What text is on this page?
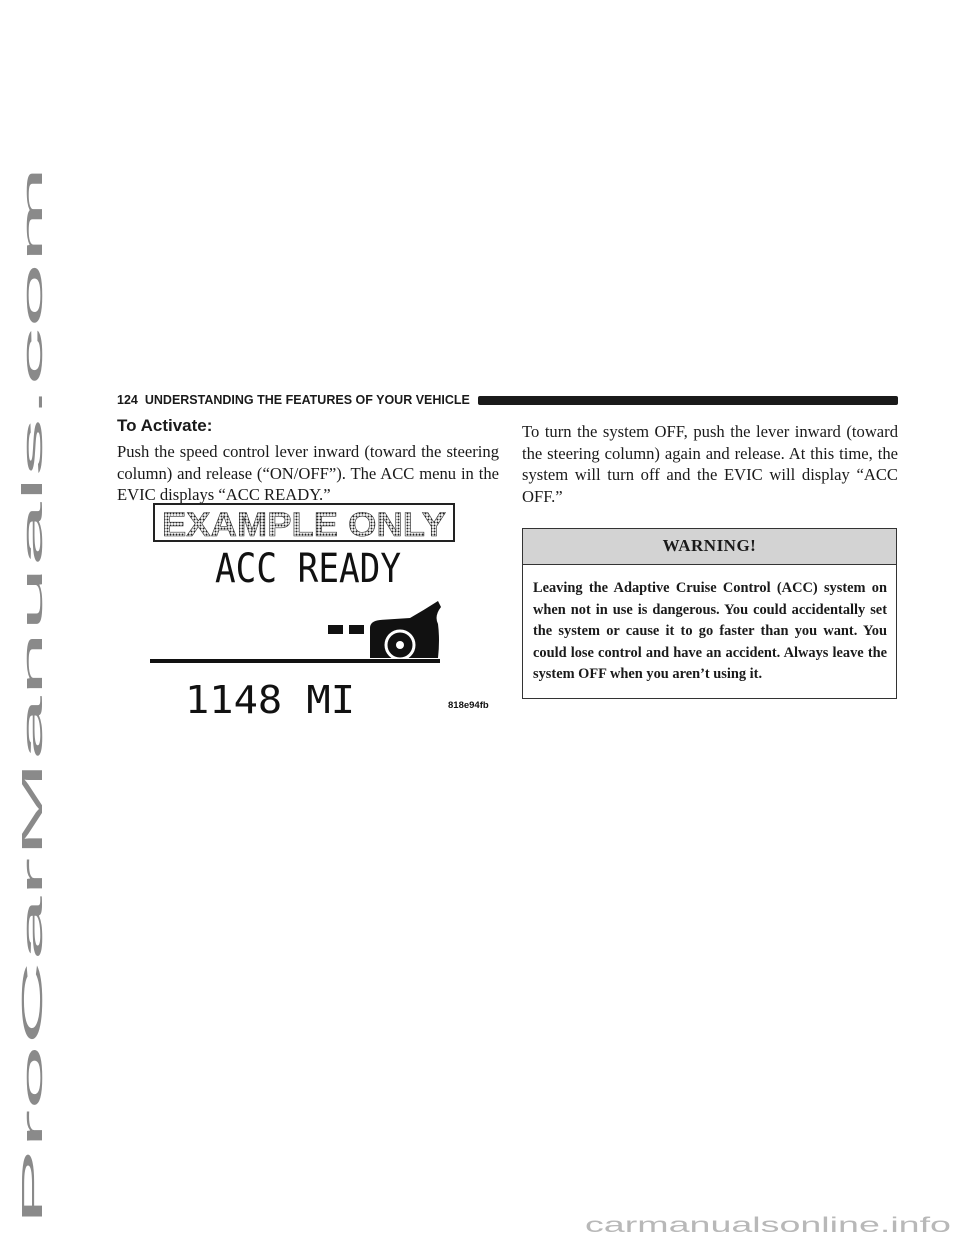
ProCarManuals.com
124 UNDERSTANDING THE FEATURES OF YOUR VEHICLE
To Activate:

Push the speed control lever inward (toward the steering column) and release (“ON/OFF”). The ACC menu in the EVIC displays “ACC READY.”

EXAMPLE ONLY
ACC READY
1148 MI	818e94fb

To turn the system OFF, push the lever inward (toward the steering column) again and release. At this time, the system will turn off and the EVIC will display “ACC OFF.”

WARNING!
Leaving the Adaptive Cruise Control (ACC) system on when not in use is dangerous. You could accidentally set the system or cause it to go faster than you want. You could lose control and have an accident. Always leave the system OFF when you aren’t using it.
carmanualsonline.info
